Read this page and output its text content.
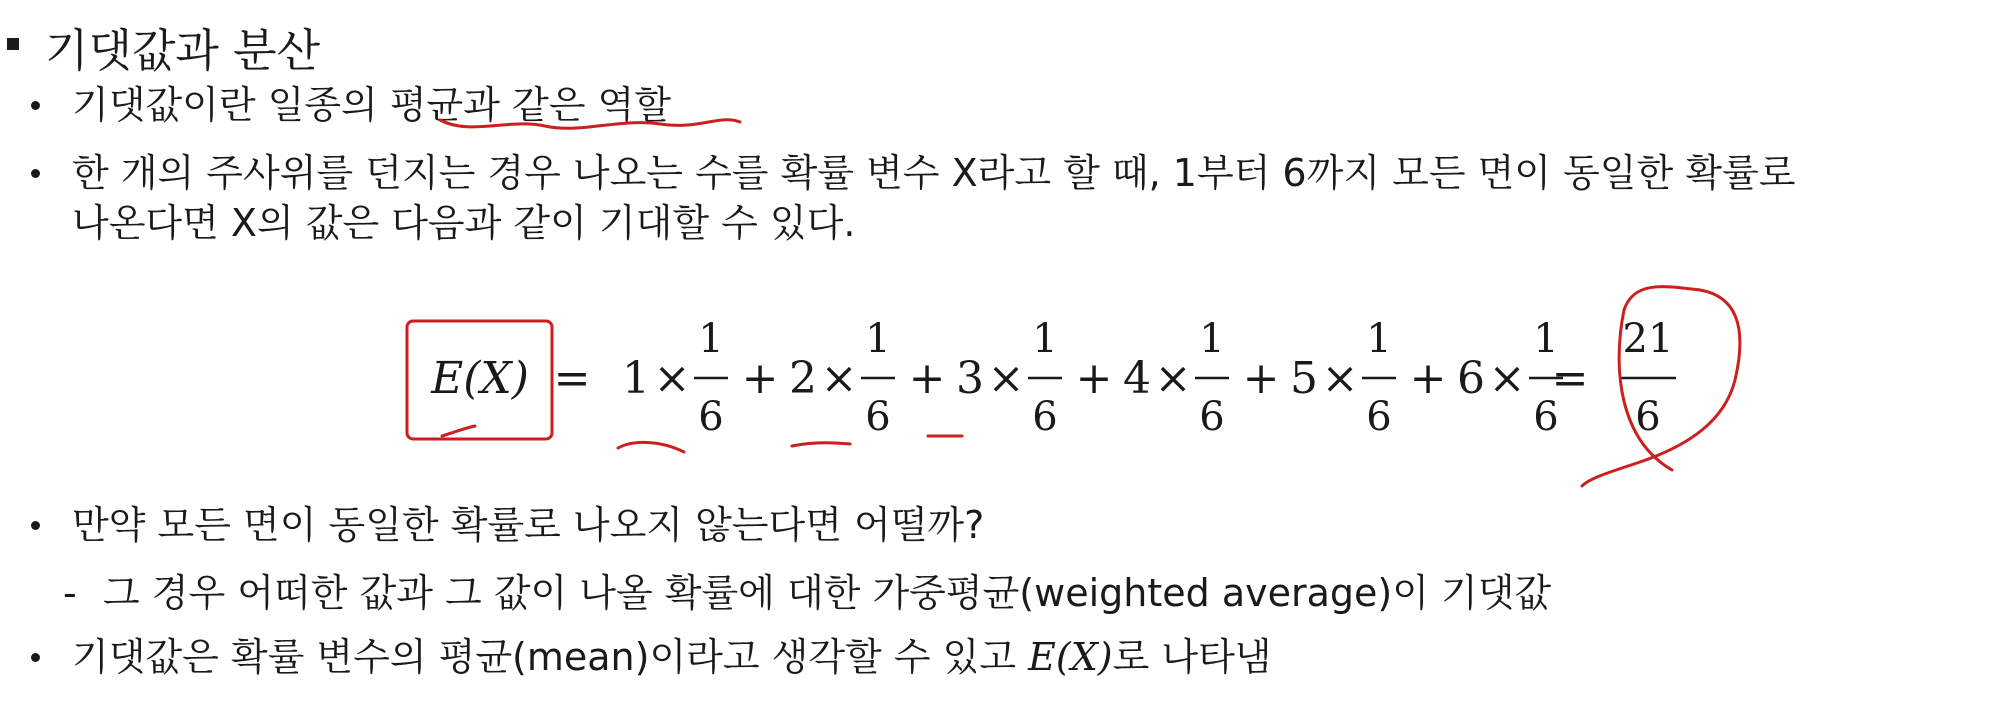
기댓값과 분산
기댓값이란 일종의 평균과 같은 역할
한 개의 주사위를 던지는 경우 나오는 수를 확률 변수 X라고 할 때, 1부터 6까지 모든 면이 동일한 확률로
나온다면 X의 값은 다음과 같이 기대할 수 있다.
E(X) = 1 ×
1
6
+ 2 ×
1
6
+ 3 ×
1
6
+ 4 ×
1
6
+ 5 ×
1
6
+ 6 ×
1
6
=
21
6
만약 모든 면이 동일한 확률로 나오지 않는다면 어떨까?
- 그 경우 어떠한 값과 그 값이 나올 확률에 대한 가중평균(weighted average)이 기댓값
기댓값은 확률 변수의 평균(mean)이라고 생각할 수 있고 E(X)로 나타냄
